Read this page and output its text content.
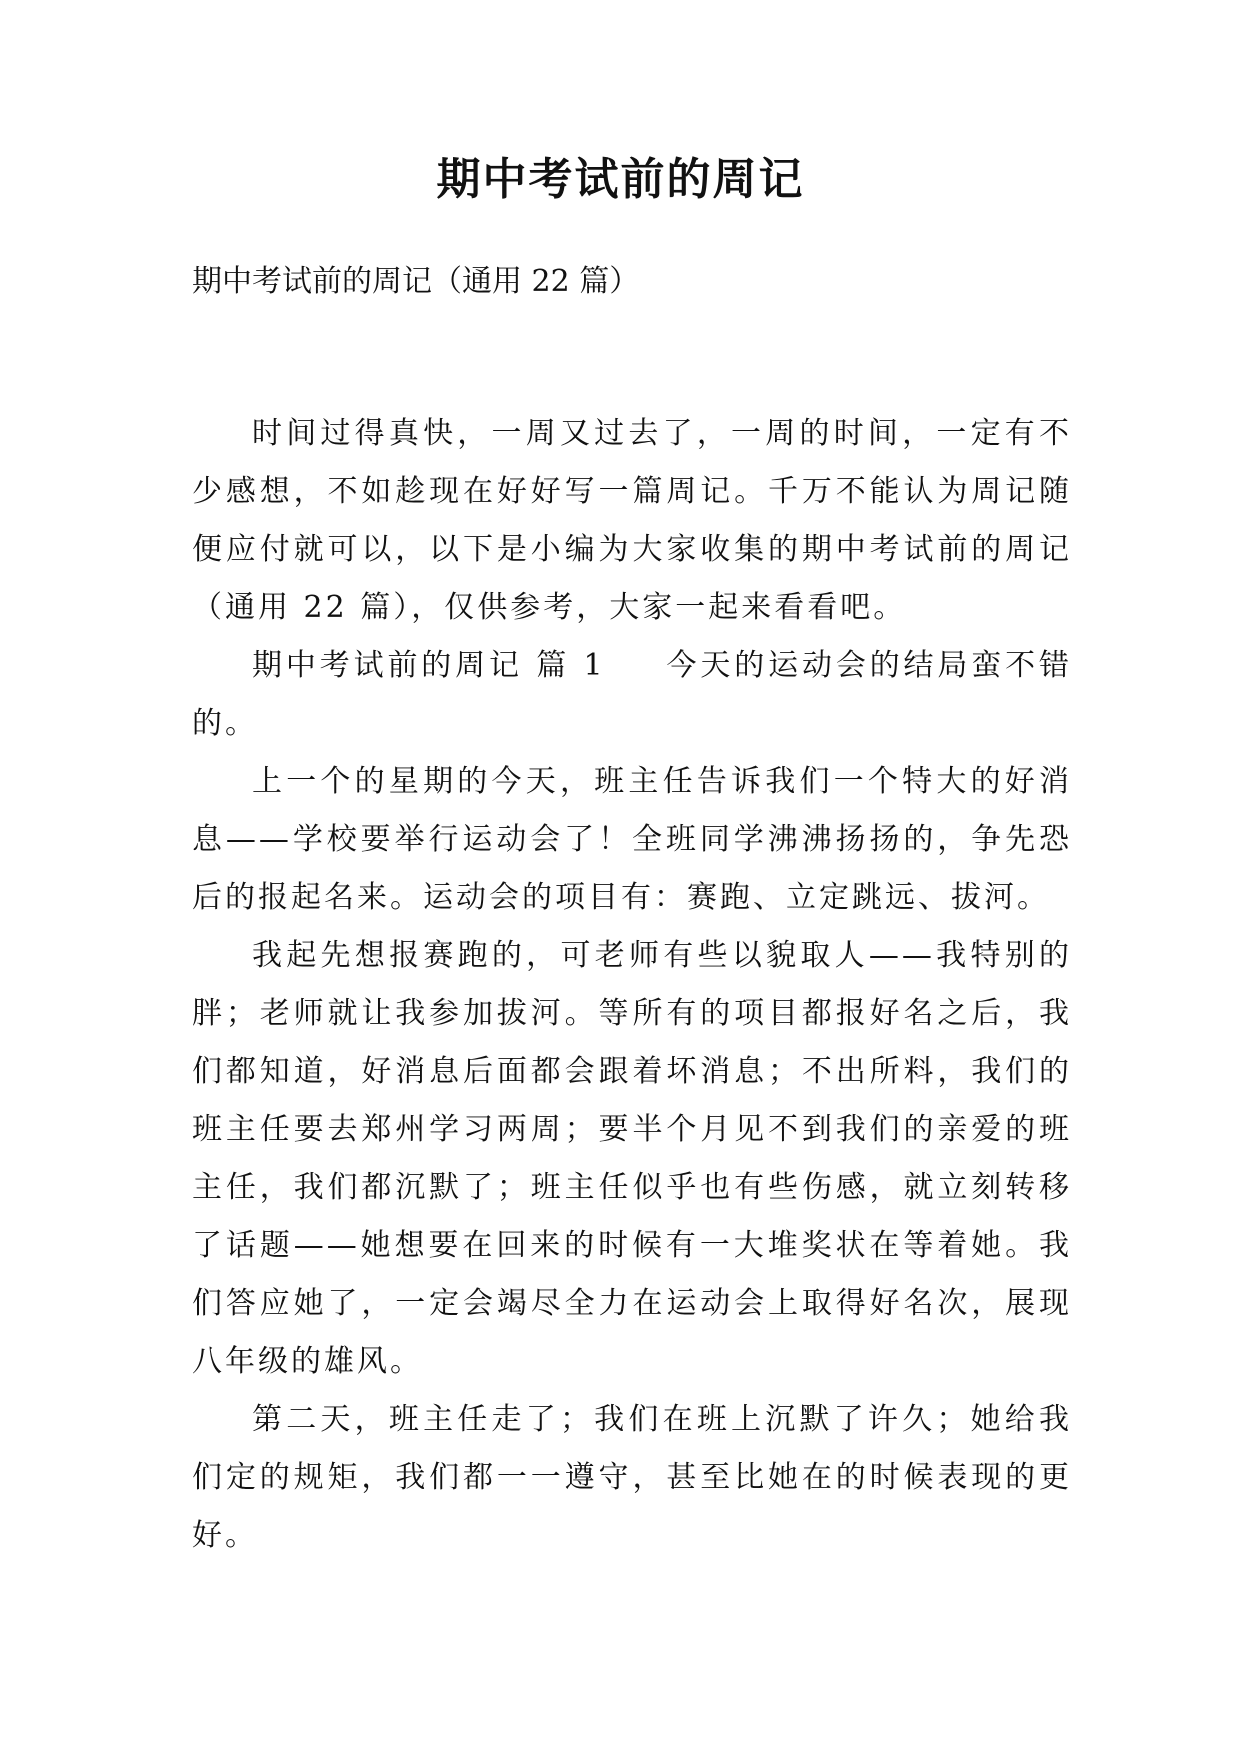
期中考试前的周记
期中考试前的周记（通用 22 篇）

时间过得真快，一周又过去了，一周的时间，一定有不少感想，不如趁现在好好写一篇周记。千万不能认为周记随便应付就可以，以下是小编为大家收集的期中考试前的周记（通用 22 篇），仅供参考，大家一起来看看吧。

期中考试前的周记 篇 1 今天的运动会的结局蛮不错的。

上一个的星期的今天，班主任告诉我们一个特大的好消息——学校要举行运动会了！全班同学沸沸扬扬的，争先恐后的报起名来。运动会的项目有：赛跑、立定跳远、拔河。

我起先想报赛跑的，可老师有些以貌取人——我特别的胖；老师就让我参加拔河。等所有的项目都报好名之后，我们都知道，好消息后面都会跟着坏消息；不出所料，我们的班主任要去郑州学习两周；要半个月见不到我们的亲爱的班主任，我们都沉默了；班主任似乎也有些伤感，就立刻转移了话题——她想要在回来的时候有一大堆奖状在等着她。我们答应她了，一定会竭尽全力在运动会上取得好名次，展现八年级的雄风。

第二天，班主任走了；我们在班上沉默了许久；她给我们定的规矩，我们都一一遵守，甚至比她在的时候表现的更好。
